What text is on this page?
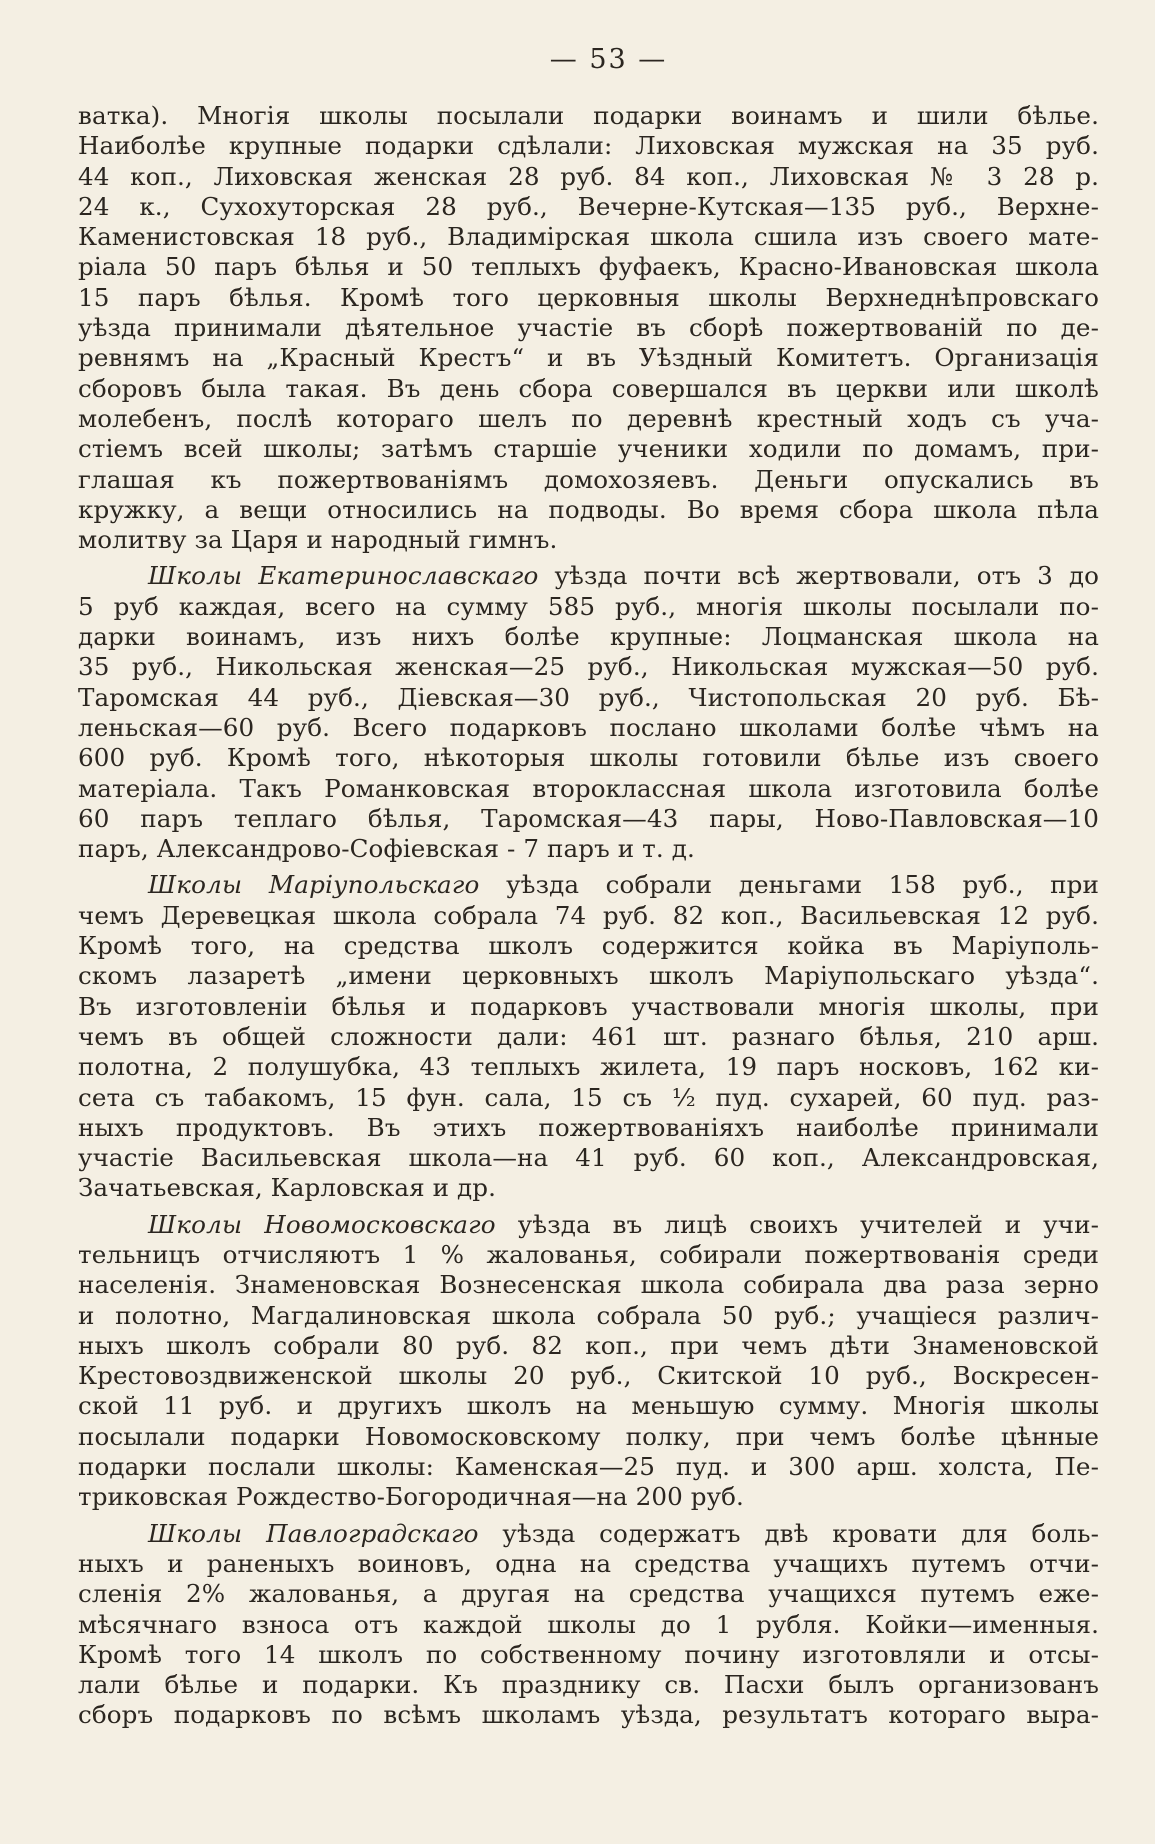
— 53 —
ватка). Многія школы посылали подарки воинамъ и шили бѣлье.
Наиболѣе крупные подарки сдѣлали: Лиховская мужская на 35 руб.
44 коп., Лиховская женская 28 руб. 84 коп., Лиховская № 3 28 р.
24 к., Сухохуторская 28 руб., Вечерне-Кутская—135 руб., Верхне-
Каменистовская 18 руб., Владимірская школа сшила изъ своего мате-
ріала 50 паръ бѣлья и 50 теплыхъ фуфаекъ, Красно-Ивановская школа
15 паръ бѣлья. Кромѣ того церковныя школы Верхнеднѣпровскаго
уѣзда принимали дѣятельное участіе въ сборѣ пожертвованій по де-
ревнямъ на „Красный Крестъ“ и въ Уѣздный Комитетъ. Организація
сборовъ была такая. Въ день сбора совершался въ церкви или школѣ
молебенъ, послѣ котораго шелъ по деревнѣ крестный ходъ съ уча-
стіемъ всей школы; затѣмъ старшіе ученики ходили по домамъ, при-
глашая къ пожертвованіямъ домохозяевъ. Деньги опускались въ
кружку, а вещи относились на подводы. Во время сбора школа пѣла
молитву за Царя и народный гимнъ.
Школы Екатеринославскаго уѣзда почти всѣ жертвовали, отъ 3 до
5 руб каждая, всего на сумму 585 руб., многія школы посылали по-
дарки воинамъ, изъ нихъ болѣе крупные: Лоцманская школа на
35 руб., Никольская женская—25 руб., Никольская мужская—50 руб.
Таромская 44 руб., Діевская—30 руб., Чистопольская 20 руб. Бѣ-
леньская—60 руб. Всего подарковъ послано школами болѣе чѣмъ на
600 руб. Кромѣ того, нѣкоторыя школы готовили бѣлье изъ своего
матеріала. Такъ Романковская второклассная школа изготовила болѣе
60 паръ теплаго бѣлья, Таромская—43 пары, Ново-Павловская—10
паръ, Александрово-Софіевская - 7 паръ и т. д.
Школы Маріупольскаго уѣзда собрали деньгами 158 руб., при
чемъ Деревецкая школа собрала 74 руб. 82 коп., Васильевская 12 руб.
Кромѣ того, на средства школъ содержится койка въ Маріуполь-
скомъ лазаретѣ „имени церковныхъ школъ Маріупольскаго уѣзда“.
Въ изготовленіи бѣлья и подарковъ участвовали многія школы, при
чемъ въ общей сложности дали: 461 шт. разнаго бѣлья, 210 арш.
полотна, 2 полушубка, 43 теплыхъ жилета, 19 паръ носковъ, 162 ки-
сета съ табакомъ, 15 фун. сала, 15 съ ½ пуд. сухарей, 60 пуд. раз-
ныхъ продуктовъ. Въ этихъ пожертвованіяхъ наиболѣе принимали
участіе Васильевская школа—на 41 руб. 60 коп., Александровская,
Зачатьевская, Карловская и др.
Школы Новомосковскаго уѣзда въ лицѣ своихъ учителей и учи-
тельницъ отчисляютъ 1 % жалованья, собирали пожертвованія среди
населенія. Знаменовская Вознесенская школа собирала два раза зерно
и полотно, Магдалиновская школа собрала 50 руб.; учащіеся различ-
ныхъ школъ собрали 80 руб. 82 коп., при чемъ дѣти Знаменовской
Крестовоздвиженской школы 20 руб., Скитской 10 руб., Воскресен-
ской 11 руб. и другихъ школъ на меньшую сумму. Многія школы
посылали подарки Новомосковскому полку, при чемъ болѣе цѣнные
подарки послали школы: Каменская—25 пуд. и 300 арш. холста, Пе-
триковская Рождество-Богородичная—на 200 руб.
Школы Павлоградскаго уѣзда содержатъ двѣ кровати для боль-
ныхъ и раненыхъ воиновъ, одна на средства учащихъ путемъ отчи-
сленія 2% жалованья, а другая на средства учащихся путемъ еже-
мѣсячнаго взноса отъ каждой школы до 1 рубля. Койки—именныя.
Кромѣ того 14 школъ по собственному почину изготовляли и отсы-
лали бѣлье и подарки. Къ празднику св. Пасхи былъ организованъ
сборъ подарковъ по всѣмъ школамъ уѣзда, результатъ котораго выра-
